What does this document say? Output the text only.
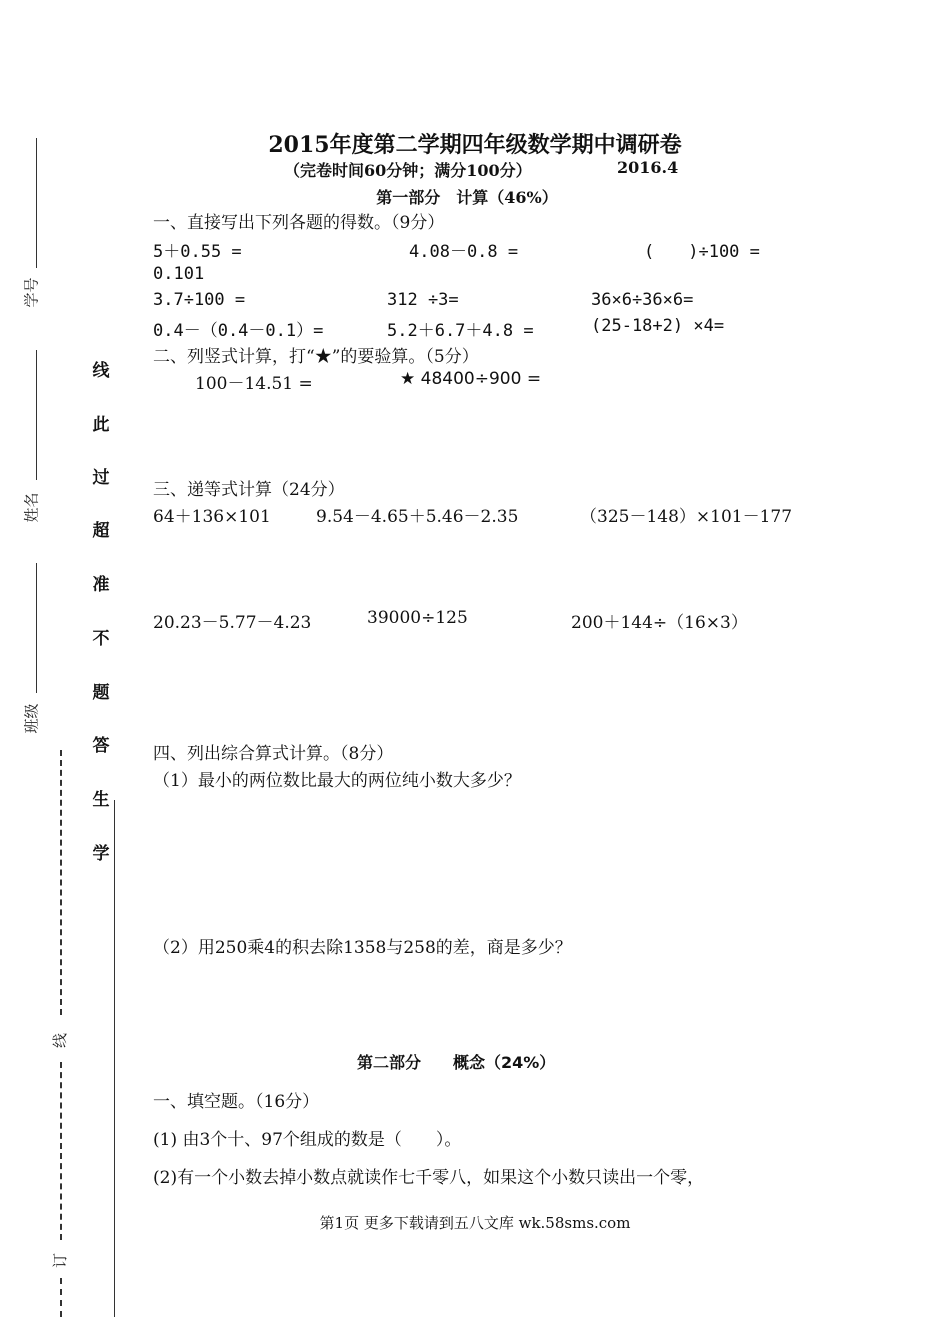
学号
姓名
班级
线
订
线
此
过
超
准
不
题
答
生
学
2015年度第二学期四年级数学期中调研卷
（完卷时间60分钟；满分100分）	2016.4
第一部分　计算（46%）
一、直接写出下列各题的得数。（9分）
5＋0.55 =	4.08－0.8 =	(　　)÷100 =
0.101
3.7÷100 =	312 ÷3=	36×6÷36×6=
0.4－（0.4－0.1）=	5.2＋6.7＋4.8 =	(25-18+2) ×4=
二、列竖式计算，打“★”的要验算。（5分）
100－14.51 =	★ 48400÷900 =
三、递等式计算（24分）
64＋136×101	9.54－4.65＋5.46－2.35	（325－148）×101－177
20.23－5.77－4.23	39000÷125	200＋144÷（16×3）
四、列出综合算式计算。（8分）
（1）最小的两位数比最大的两位纯小数大多少？
（2）用250乘4的积去除1358与258的差，商是多少？
第二部分　　概念（24%）
一、填空题。（16分）
(1) 由3个十、97个组成的数是（　　）。
(2)有一个小数去掉小数点就读作七千零八，如果这个小数只读出一个零，
第1页 更多下载请到五八文库 wk.58sms.com
